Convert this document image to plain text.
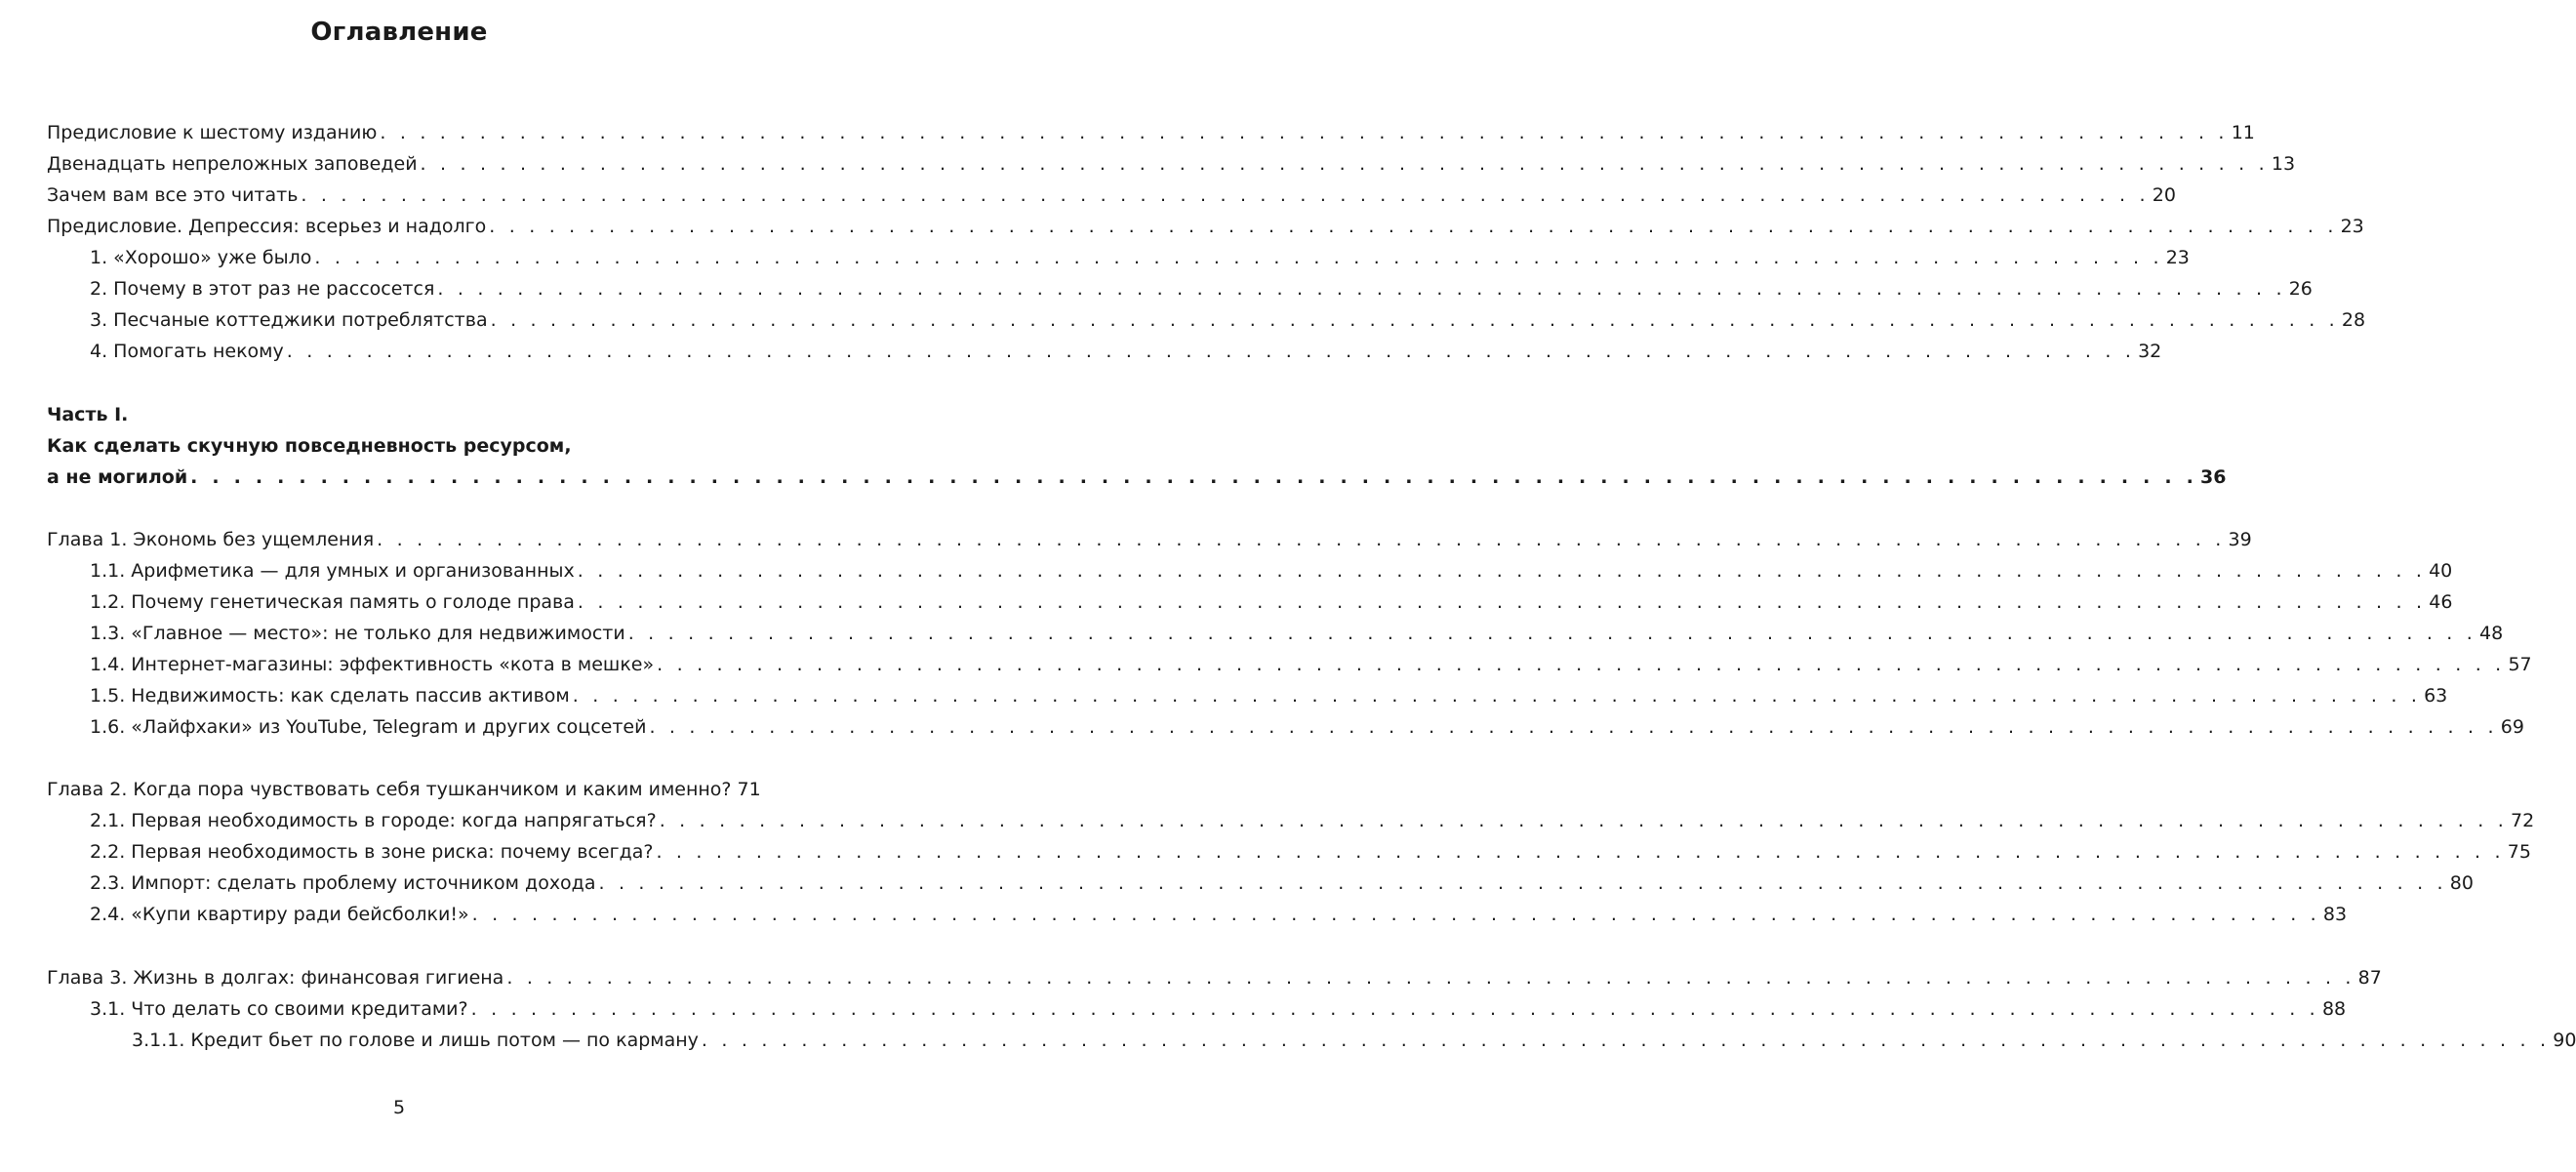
Оглавление
Предисловие к шестому изданию . . . . . . . . . . . . . . . . . . . . . . . . . . . . . . . . . . . . . . . . . . . . . . . . . . . . . . . . . . . . . . . . . . . . . . . . . . . . . . . . . . . . . . . . . . . . . 11
Двенадцать непреложных заповедей . . . . . . . . . . . . . . . . . . . . . . . . . . . . . . . . . . . . . . . . . . . . . . . . . . . . . . . . . . . . . . . . . . . . . . . . . . . . . . . . . . . . . . . . . . . . . 13
Зачем вам все это читать . . . . . . . . . . . . . . . . . . . . . . . . . . . . . . . . . . . . . . . . . . . . . . . . . . . . . . . . . . . . . . . . . . . . . . . . . . . . . . . . . . . . . . . . . . . . . 20
Предисловие. Депрессия: всерьез и надолго . . . . . . . . . . . . . . . . . . . . . . . . . . . . . . . . . . . . . . . . . . . . . . . . . . . . . . . . . . . . . . . . . . . . . . . . . . . . . . . . . . . . . . . . . . . . . 23
1. «Хорошо» уже было . . . . . . . . . . . . . . . . . . . . . . . . . . . . . . . . . . . . . . . . . . . . . . . . . . . . . . . . . . . . . . . . . . . . . . . . . . . . . . . . . . . . . . . . . . . . . 23
2. Почему в этот раз не рассосется . . . . . . . . . . . . . . . . . . . . . . . . . . . . . . . . . . . . . . . . . . . . . . . . . . . . . . . . . . . . . . . . . . . . . . . . . . . . . . . . . . . . . . . . . . . . . 26
3. Песчаные коттеджики потреблятства . . . . . . . . . . . . . . . . . . . . . . . . . . . . . . . . . . . . . . . . . . . . . . . . . . . . . . . . . . . . . . . . . . . . . . . . . . . . . . . . . . . . . . . . . . . . . 28
4. Помогать некому . . . . . . . . . . . . . . . . . . . . . . . . . . . . . . . . . . . . . . . . . . . . . . . . . . . . . . . . . . . . . . . . . . . . . . . . . . . . . . . . . . . . . . . . . . . . . 32
Часть I.
Как сделать скучную повседневность ресурсом,
а не могилой . . . . . . . . . . . . . . . . . . . . . . . . . . . . . . . . . . . . . . . . . . . . . . . . . . . . . . . . . . . . . . . . . . . . . . . . . . . . . . . . . . . . . . . . . . . . . 36
Глава 1. Экономь без ущемления . . . . . . . . . . . . . . . . . . . . . . . . . . . . . . . . . . . . . . . . . . . . . . . . . . . . . . . . . . . . . . . . . . . . . . . . . . . . . . . . . . . . . . . . . . . . . 39
1.1. Арифметика — для умных и организованных . . . . . . . . . . . . . . . . . . . . . . . . . . . . . . . . . . . . . . . . . . . . . . . . . . . . . . . . . . . . . . . . . . . . . . . . . . . . . . . . . . . . . . . . . . . . . 40
1.2. Почему генетическая память о голоде права . . . . . . . . . . . . . . . . . . . . . . . . . . . . . . . . . . . . . . . . . . . . . . . . . . . . . . . . . . . . . . . . . . . . . . . . . . . . . . . . . . . . . . . . . . . . . 46
1.3. «Главное — место»: не только для недвижимости . . . . . . . . . . . . . . . . . . . . . . . . . . . . . . . . . . . . . . . . . . . . . . . . . . . . . . . . . . . . . . . . . . . . . . . . . . . . . . . . . . . . . . . . . . . . . 48
1.4. Интернет-магазины: эффективность «кота в мешке» . . . . . . . . . . . . . . . . . . . . . . . . . . . . . . . . . . . . . . . . . . . . . . . . . . . . . . . . . . . . . . . . . . . . . . . . . . . . . . . . . . . . . . . . . . . . . 57
1.5. Недвижимость: как сделать пассив активом . . . . . . . . . . . . . . . . . . . . . . . . . . . . . . . . . . . . . . . . . . . . . . . . . . . . . . . . . . . . . . . . . . . . . . . . . . . . . . . . . . . . . . . . . . . . . 63
1.6. «Лайфхаки» из YouTube, Telegram и других соцсетей . . . . . . . . . . . . . . . . . . . . . . . . . . . . . . . . . . . . . . . . . . . . . . . . . . . . . . . . . . . . . . . . . . . . . . . . . . . . . . . . . . . . . . . . . . . . . 69
Глава 2. Когда пора чувствовать себя тушканчиком и каким именно? 71
2.1. Первая необходимость в городе: когда напрягаться? . . . . . . . . . . . . . . . . . . . . . . . . . . . . . . . . . . . . . . . . . . . . . . . . . . . . . . . . . . . . . . . . . . . . . . . . . . . . . . . . . . . . . . . . . . . . . 72
2.2. Первая необходимость в зоне риска: почему всегда? . . . . . . . . . . . . . . . . . . . . . . . . . . . . . . . . . . . . . . . . . . . . . . . . . . . . . . . . . . . . . . . . . . . . . . . . . . . . . . . . . . . . . . . . . . . . . 75
2.3. Импорт: сделать проблему источником дохода . . . . . . . . . . . . . . . . . . . . . . . . . . . . . . . . . . . . . . . . . . . . . . . . . . . . . . . . . . . . . . . . . . . . . . . . . . . . . . . . . . . . . . . . . . . . . 80
2.4. «Купи квартиру ради бейсболки!» . . . . . . . . . . . . . . . . . . . . . . . . . . . . . . . . . . . . . . . . . . . . . . . . . . . . . . . . . . . . . . . . . . . . . . . . . . . . . . . . . . . . . . . . . . . . . 83
Глава 3. Жизнь в долгах: финансовая гигиена . . . . . . . . . . . . . . . . . . . . . . . . . . . . . . . . . . . . . . . . . . . . . . . . . . . . . . . . . . . . . . . . . . . . . . . . . . . . . . . . . . . . . . . . . . . . . 87
3.1. Что делать со своими кредитами? . . . . . . . . . . . . . . . . . . . . . . . . . . . . . . . . . . . . . . . . . . . . . . . . . . . . . . . . . . . . . . . . . . . . . . . . . . . . . . . . . . . . . . . . . . . . . 88
3.1.1. Кредит бьет по голове и лишь потом — по карману . . . . . . . . . . . . . . . . . . . . . . . . . . . . . . . . . . . . . . . . . . . . . . . . . . . . . . . . . . . . . . . . . . . . . . . . . . . . . . . . . . . . . . . . . . . . . 90
5
